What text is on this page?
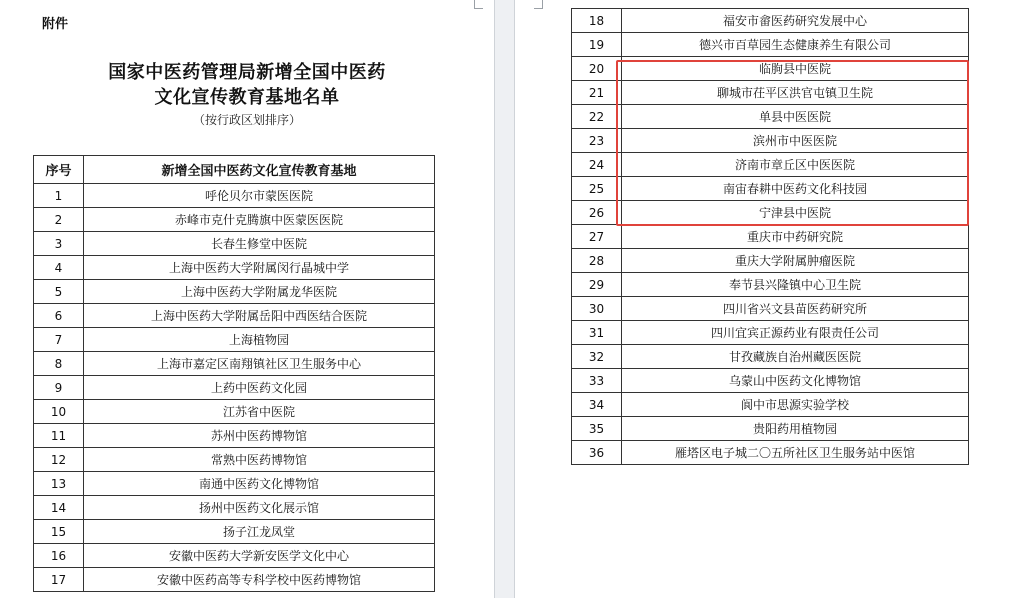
附件
国家中医药管理局新增全国中医药
文化宣传教育基地名单
（按行政区划排序）
序号	新增全国中医药文化宣传教育基地
1	呼伦贝尔市蒙医医院
2	赤峰市克什克腾旗中医蒙医医院
3	长春生修堂中医院
4	上海中医药大学附属闵行晶城中学
5	上海中医药大学附属龙华医院
6	上海中医药大学附属岳阳中西医结合医院
7	上海植物园
8	上海市嘉定区南翔镇社区卫生服务中心
9	上药中医药文化园
10	江苏省中医院
11	苏州中医药博物馆
12	常熟中医药博物馆
13	南通中医药文化博物馆
14	扬州中医药文化展示馆
15	扬子江龙凤堂
16	安徽中医药大学新安医学文化中心
17	安徽中医药高等专科学校中医药博物馆
18	福安市畲医药研究发展中心
19	德兴市百草园生态健康养生有限公司
20	临朐县中医院
21	聊城市茌平区洪官屯镇卫生院
22	单县中医医院
23	滨州市中医医院
24	济南市章丘区中医医院
25	南宙春耕中医药文化科技园
26	宁津县中医院
27	重庆市中药研究院
28	重庆大学附属肿瘤医院
29	奉节县兴隆镇中心卫生院
30	四川省兴文县苗医药研究所
31	四川宜宾正源药业有限责任公司
32	甘孜藏族自治州藏医医院
33	乌蒙山中医药文化博物馆
34	阆中市思源实验学校
35	贵阳药用植物园
36	雁塔区电子城二〇五所社区卫生服务站中医馆
